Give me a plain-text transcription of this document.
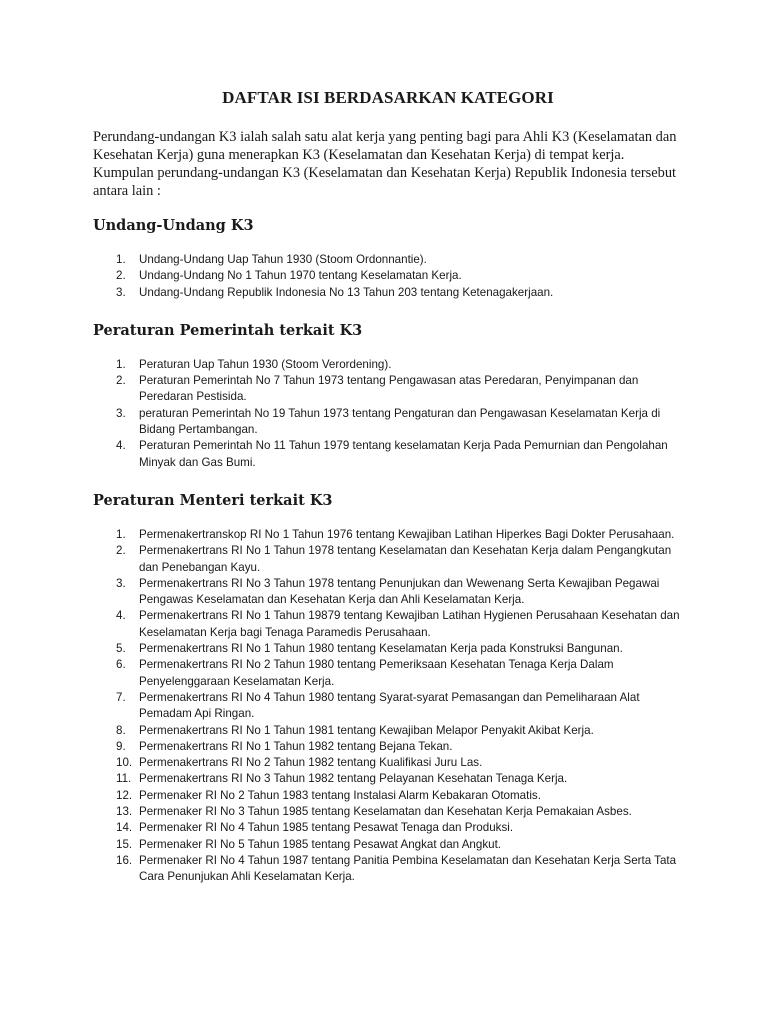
DAFTAR ISI BERDASARKAN KATEGORI

Perundang-undangan K3 ialah salah satu alat kerja yang penting bagi para Ahli K3 (Keselamatan dan Kesehatan Kerja) guna menerapkan K3 (Keselamatan dan Kesehatan Kerja) di tempat kerja. Kumpulan perundang-undangan K3 (Keselamatan dan Kesehatan Kerja) Republik Indonesia tersebut antara lain :

Undang-Undang K3
1. Undang-Undang Uap Tahun 1930 (Stoom Ordonnantie).
2. Undang-Undang No 1 Tahun 1970 tentang Keselamatan Kerja.
3. Undang-Undang Republik Indonesia No 13 Tahun 203 tentang Ketenagakerjaan.
Peraturan Pemerintah terkait K3
1. Peraturan Uap Tahun 1930 (Stoom Verordening).
2. Peraturan Pemerintah No 7 Tahun 1973 tentang Pengawasan atas Peredaran, Penyimpanan dan Peredaran Pestisida.
3. peraturan Pemerintah No 19 Tahun 1973 tentang Pengaturan dan Pengawasan Keselamatan Kerja di Bidang Pertambangan.
4. Peraturan Pemerintah No 11 Tahun 1979 tentang keselamatan Kerja Pada Pemurnian dan Pengolahan Minyak dan Gas Bumi.
Peraturan Menteri terkait K3
1. Permenakertranskop RI No 1 Tahun 1976 tentang Kewajiban Latihan Hiperkes Bagi Dokter Perusahaan.
2. Permenakertrans RI No 1 Tahun 1978 tentang Keselamatan dan Kesehatan Kerja dalam Pengangkutan dan Penebangan Kayu.
3. Permenakertrans RI No 3 Tahun 1978 tentang Penunjukan dan Wewenang Serta Kewajiban Pegawai Pengawas Keselamatan dan Kesehatan Kerja dan Ahli Keselamatan Kerja.
4. Permenakertrans RI No 1 Tahun 19879 tentang Kewajiban Latihan Hygienen Perusahaan Kesehatan dan Keselamatan Kerja bagi Tenaga Paramedis Perusahaan.
5. Permenakertrans RI No 1 Tahun 1980 tentang Keselamatan Kerja pada Konstruksi Bangunan.
6. Permenakertrans RI No 2 Tahun 1980 tentang Pemeriksaan Kesehatan Tenaga Kerja Dalam Penyelenggaraan Keselamatan Kerja.
7. Permenakertrans RI No 4 Tahun 1980 tentang Syarat-syarat Pemasangan dan Pemeliharaan Alat Pemadam Api Ringan.
8. Permenakertrans RI No 1 Tahun 1981 tentang Kewajiban Melapor Penyakit Akibat Kerja.
9. Permenakertrans RI No 1 Tahun 1982 tentang Bejana Tekan.
10. Permenakertrans RI No 2 Tahun 1982 tentang Kualifikasi Juru Las.
11. Permenakertrans RI No 3 Tahun 1982 tentang Pelayanan Kesehatan Tenaga Kerja.
12. Permenaker RI No 2 Tahun 1983 tentang Instalasi Alarm Kebakaran Otomatis.
13. Permenaker RI No 3 Tahun 1985 tentang Keselamatan dan Kesehatan Kerja Pemakaian Asbes.
14. Permenaker RI No 4 Tahun 1985 tentang Pesawat Tenaga dan Produksi.
15. Permenaker RI No 5 Tahun 1985 tentang Pesawat Angkat dan Angkut.
16. Permenaker RI No 4 Tahun 1987 tentang Panitia Pembina Keselamatan dan Kesehatan Kerja Serta Tata Cara Penunjukan Ahli Keselamatan Kerja.
